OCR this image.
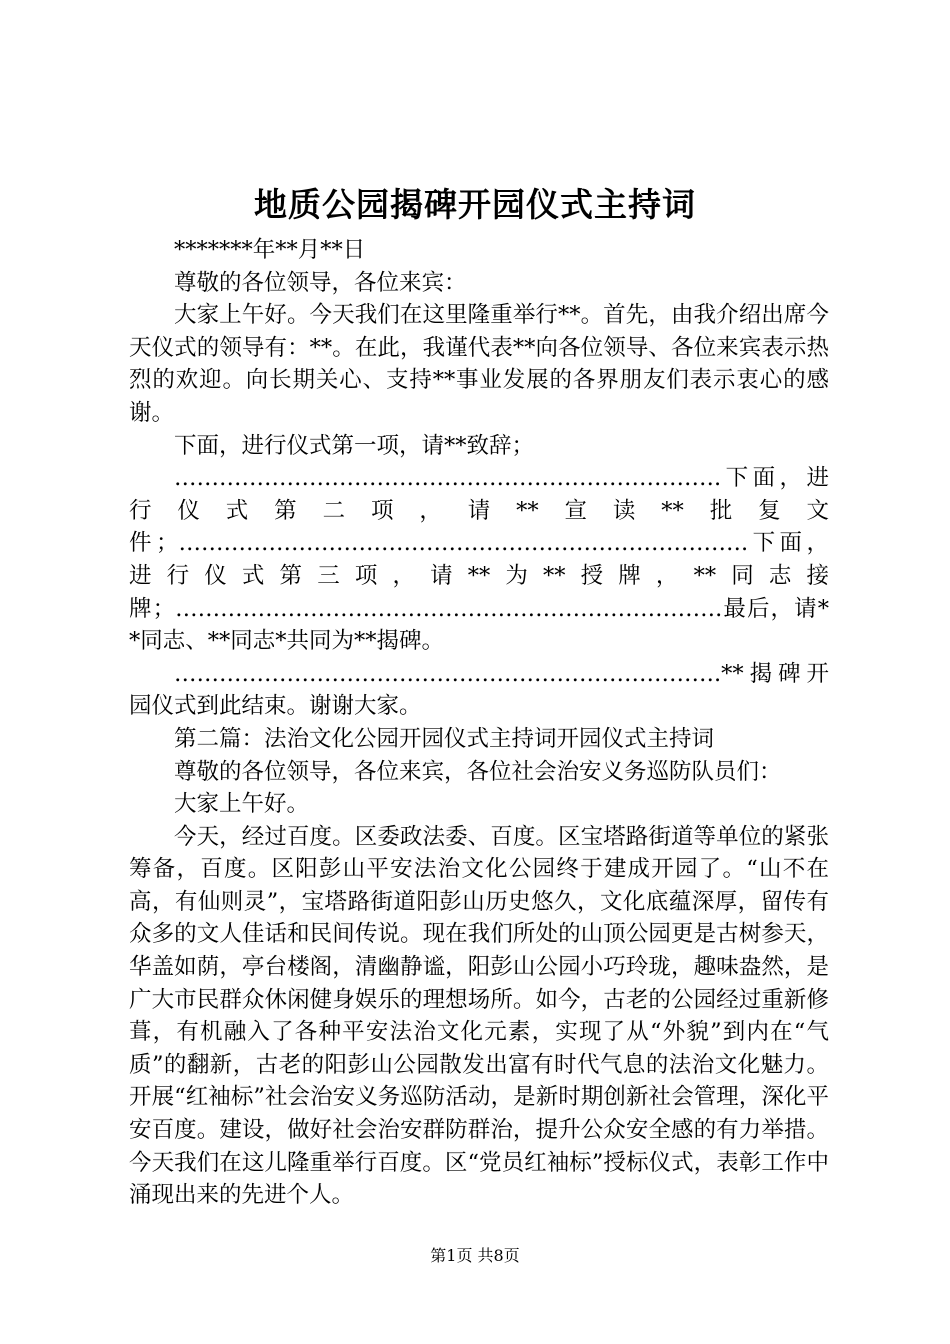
地质公园揭碑开园仪式主持词

*******年**月**日

尊敬的各位领导，各位来宾：

大家上午好。今天我们在这里隆重举行**。首先，由我介绍出席今天仪式的领导有：**。在此，我谨代表**向各位领导、各位来宾表示热烈的欢迎。向长期关心、支持**事业发展的各界朋友们表示衷心的感谢。

下面，进行仪式第一项，请**致辞；

……………………………………………………………….下面，进行仪式第二项，请**宣读**批复文件；………………………………………………………………….下面，进行仪式第三项，请**为**授牌，**同志接牌；……………………………………………………………….最后，请**同志、**同志*共同为**揭碑。

……………………………………………………………….**揭碑开园仪式到此结束。谢谢大家。

第二篇：法治文化公园开园仪式主持词开园仪式主持词

尊敬的各位领导，各位来宾，各位社会治安义务巡防队员们：

大家上午好。

今天，经过百度。区委政法委、百度。区宝塔路街道等单位的紧张筹备，百度。区阳彭山平安法治文化公园终于建成开园了。“山不在高，有仙则灵”，宝塔路街道阳彭山历史悠久，文化底蕴深厚，留传有众多的文人佳话和民间传说。现在我们所处的山顶公园更是古树参天，华盖如荫，亭台楼阁，清幽静谧，阳彭山公园小巧玲珑，趣味盎然，是广大市民群众休闲健身娱乐的理想场所。如今，古老的公园经过重新修葺，有机融入了各种平安法治文化元素，实现了从“外貌”到内在“气质”的翻新，古老的阳彭山公园散发出富有时代气息的法治文化魅力。开展“红袖标”社会治安义务巡防活动，是新时期创新社会管理，深化平安百度。建设，做好社会治安群防群治，提升公众安全感的有力举措。今天我们在这儿隆重举行百度。区“党员红袖标”授标仪式，表彰工作中涌现出来的先进个人。

第1页 共8页
